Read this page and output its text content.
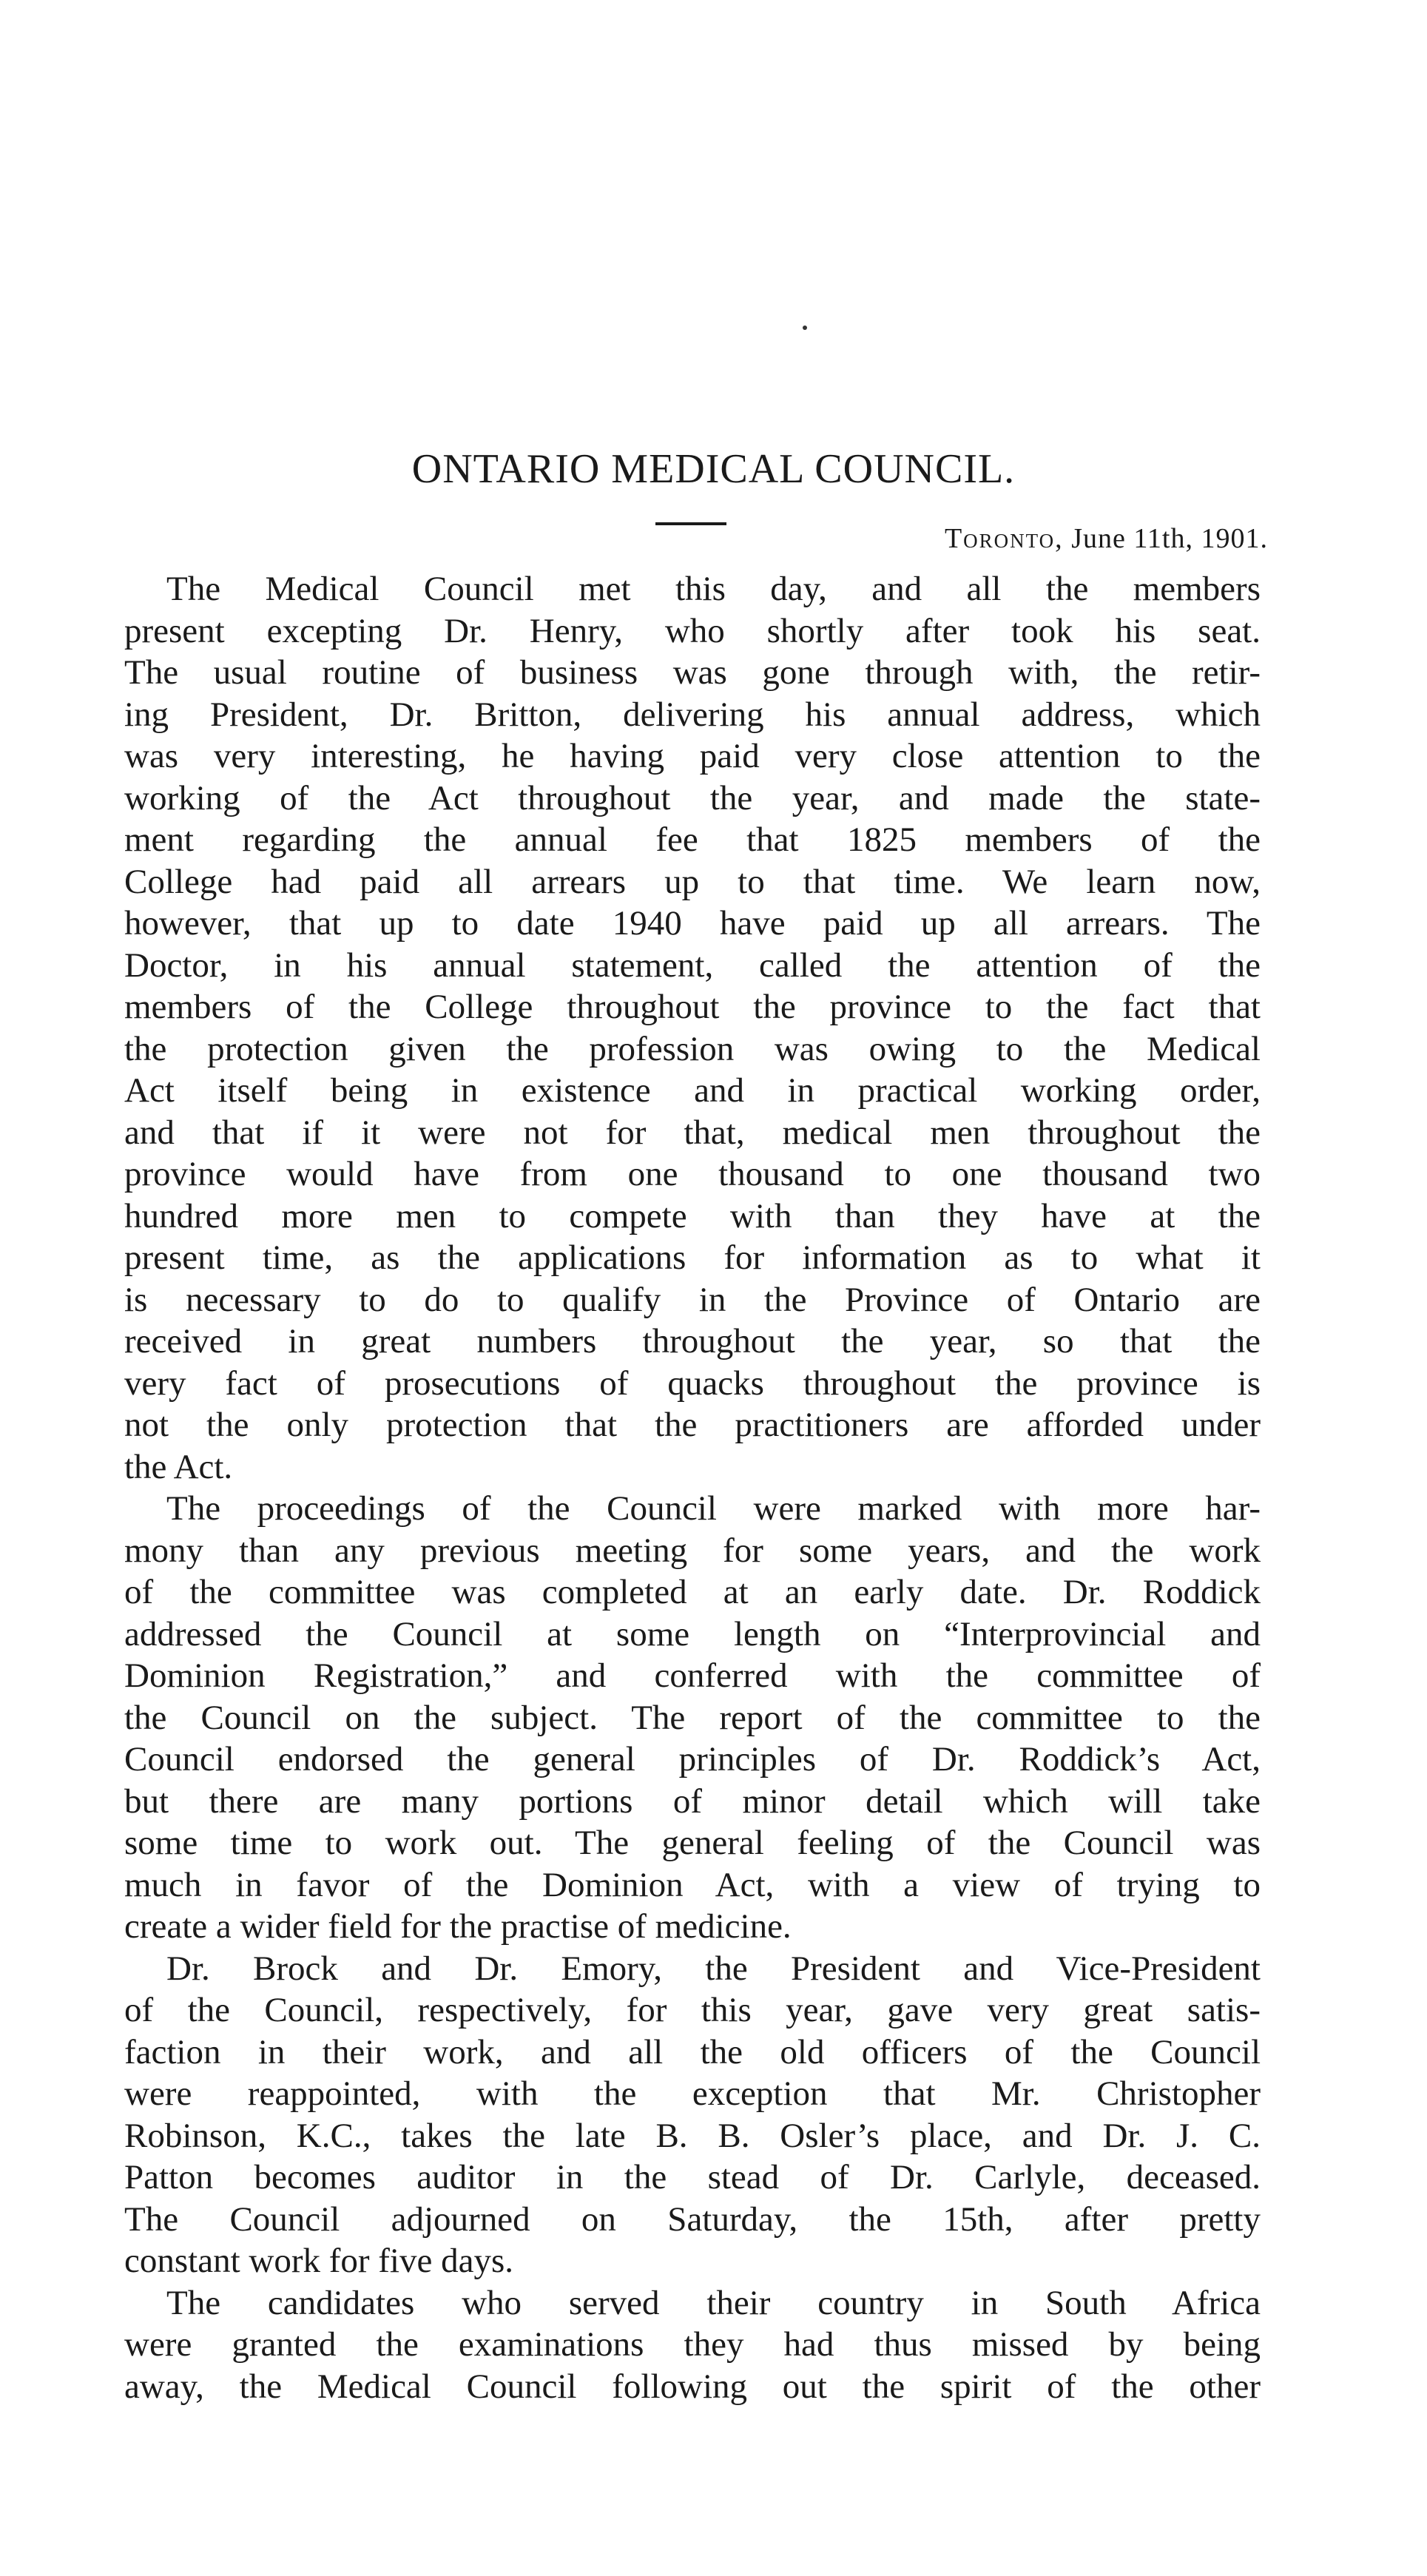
ONTARIO MEDICAL COUNCIL.
Toronto, June 11th, 1901.
The Medical Council met this day, and all the members
present excepting Dr. Henry, who shortly after took his seat.
The usual routine of business was gone through with, the retir-
ing President, Dr. Britton, delivering his annual address, which
was very interesting, he having paid very close attention to the
working of the Act throughout the year, and made the state-
ment regarding the annual fee that 1825 members of the
College had paid all arrears up to that time. We learn now,
however, that up to date 1940 have paid up all arrears. The
Doctor, in his annual statement, called the attention of the
members of the College throughout the province to the fact that
the protection given the profession was owing to the Medical
Act itself being in existence and in practical working order,
and that if it were not for that, medical men throughout the
province would have from one thousand to one thousand two
hundred more men to compete with than they have at the
present time, as the applications for information as to what it
is necessary to do to qualify in the Province of Ontario are
received in great numbers throughout the year, so that the
very fact of prosecutions of quacks throughout the province is
not the only protection that the practitioners are afforded under
the Act.
The proceedings of the Council were marked with more har-
mony than any previous meeting for some years, and the work
of the committee was completed at an early date. Dr. Roddick
addressed the Council at some length on “Interprovincial and
Dominion Registration,” and conferred with the committee of
the Council on the subject. The report of the committee to the
Council endorsed the general principles of Dr. Roddick’s Act,
but there are many portions of minor detail which will take
some time to work out. The general feeling of the Council was
much in favor of the Dominion Act, with a view of trying to
create a wider field for the practise of medicine.
Dr. Brock and Dr. Emory, the President and Vice-President
of the Council, respectively, for this year, gave very great satis-
faction in their work, and all the old officers of the Council
were reappointed, with the exception that Mr. Christopher
Robinson, K.C., takes the late B. B. Osler’s place, and Dr. J. C.
Patton becomes auditor in the stead of Dr. Carlyle, deceased.
The Council adjourned on Saturday, the 15th, after pretty
constant work for five days.
The candidates who served their country in South Africa
were granted the examinations they had thus missed by being
away, the Medical Council following out the spirit of the other
